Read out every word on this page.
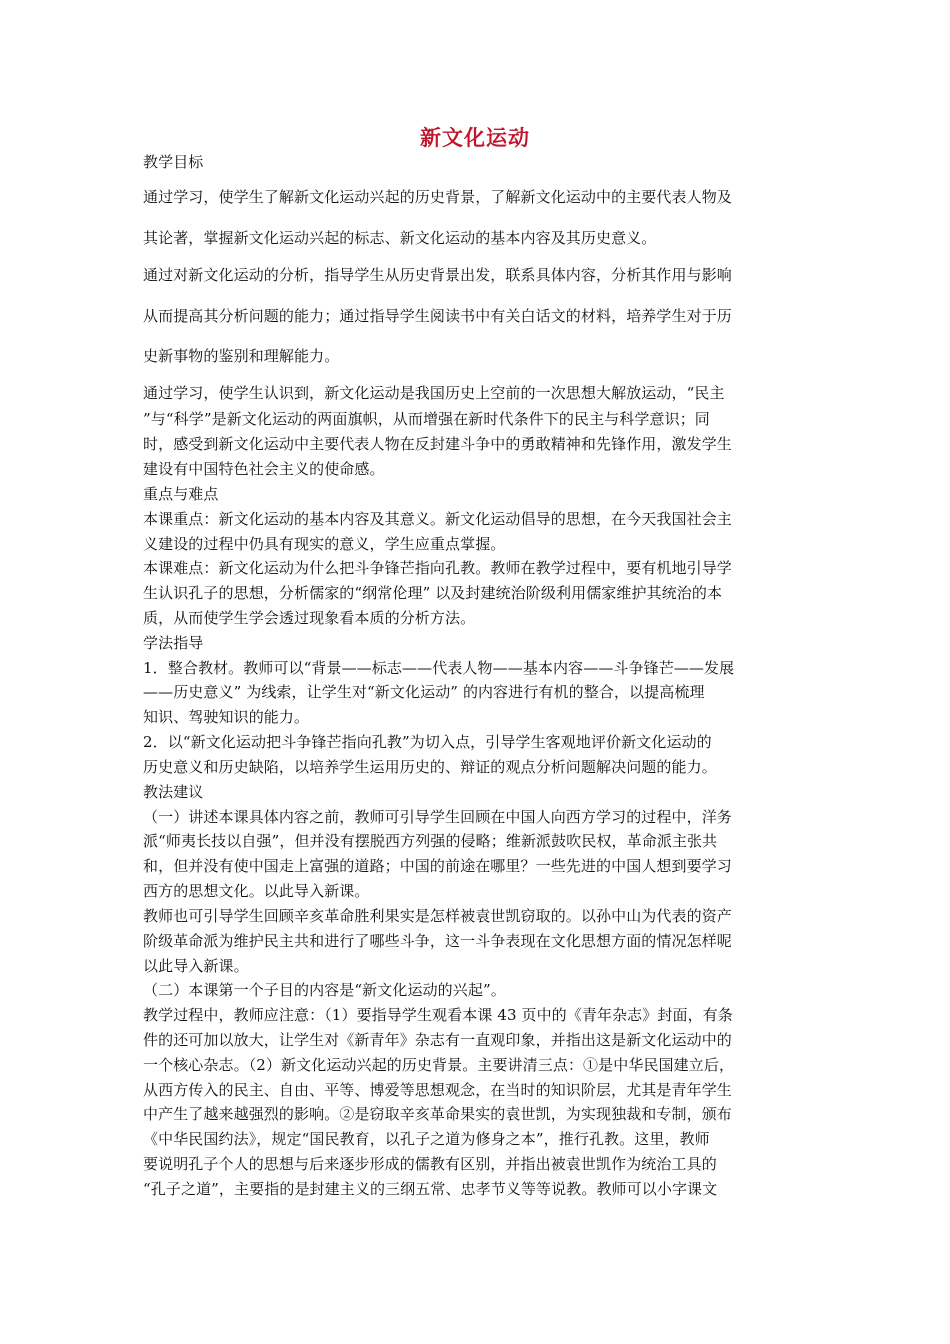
新文化运动
教学目标
通过学习，使学生了解新文化运动兴起的历史背景，了解新文化运动中的主要代表人物及
其论著，掌握新文化运动兴起的标志、新文化运动的基本内容及其历史意义。
通过对新文化运动的分析，指导学生从历史背景出发，联系具体内容，分析其作用与影响
从而提高其分析问题的能力；通过指导学生阅读书中有关白话文的材料，培养学生对于历
史新事物的鉴别和理解能力。
通过学习，使学生认识到，新文化运动是我国历史上空前的一次思想大解放运动，“民主
”与“科学”是新文化运动的两面旗帜，从而增强在新时代条件下的民主与科学意识；同
时，感受到新文化运动中主要代表人物在反封建斗争中的勇敢精神和先锋作用，激发学生
建设有中国特色社会主义的使命感。
重点与难点
本课重点：新文化运动的基本内容及其意义。新文化运动倡导的思想，在今天我国社会主
义建设的过程中仍具有现实的意义，学生应重点掌握。
本课难点：新文化运动为什么把斗争锋芒指向孔教。教师在教学过程中，要有机地引导学
生认识孔子的思想，分析儒家的“纲常伦理” 以及封建统治阶级利用儒家维护其统治的本
质，从而使学生学会透过现象看本质的分析方法。
学法指导
1．整合教材。教师可以“背景——标志——代表人物——基本内容——斗争锋芒——发展
——历史意义” 为线索，让学生对“新文化运动” 的内容进行有机的整合，以提高梳理
知识、驾驶知识的能力。
2．以“新文化运动把斗争锋芒指向孔教”为切入点，引导学生客观地评价新文化运动的
历史意义和历史缺陷，以培养学生运用历史的、辩证的观点分析问题解决问题的能力。
教法建议
（一）讲述本课具体内容之前，教师可引导学生回顾在中国人向西方学习的过程中，洋务
派“师夷长技以自强”，但并没有摆脱西方列强的侵略；维新派鼓吹民权，革命派主张共
和，但并没有使中国走上富强的道路；中国的前途在哪里？一些先进的中国人想到要学习
西方的思想文化。以此导入新课。
教师也可引导学生回顾辛亥革命胜利果实是怎样被袁世凯窃取的。以孙中山为代表的资产
阶级革命派为维护民主共和进行了哪些斗争，这一斗争表现在文化思想方面的情况怎样呢
以此导入新课。
（二）本课第一个子目的内容是“新文化运动的兴起”。
教学过程中，教师应注意：（1）要指导学生观看本课 43 页中的《青年杂志》封面，有条
件的还可加以放大，让学生对《新青年》杂志有一直观印象，并指出这是新文化运动中的
一个核心杂志。（2）新文化运动兴起的历史背景。主要讲清三点：①是中华民国建立后，
从西方传入的民主、自由、平等、博爱等思想观念，在当时的知识阶层，尤其是青年学生
中产生了越来越强烈的影响。②是窃取辛亥革命果实的袁世凯，为实现独裁和专制，颁布
《中华民国约法》，规定“国民教育，以孔子之道为修身之本”，推行孔教。这里，教师
要说明孔子个人的思想与后来逐步形成的儒教有区别，并指出被袁世凯作为统治工具的
“孔子之道”，主要指的是封建主义的三纲五常、忠孝节义等等说教。教师可以小字课文
